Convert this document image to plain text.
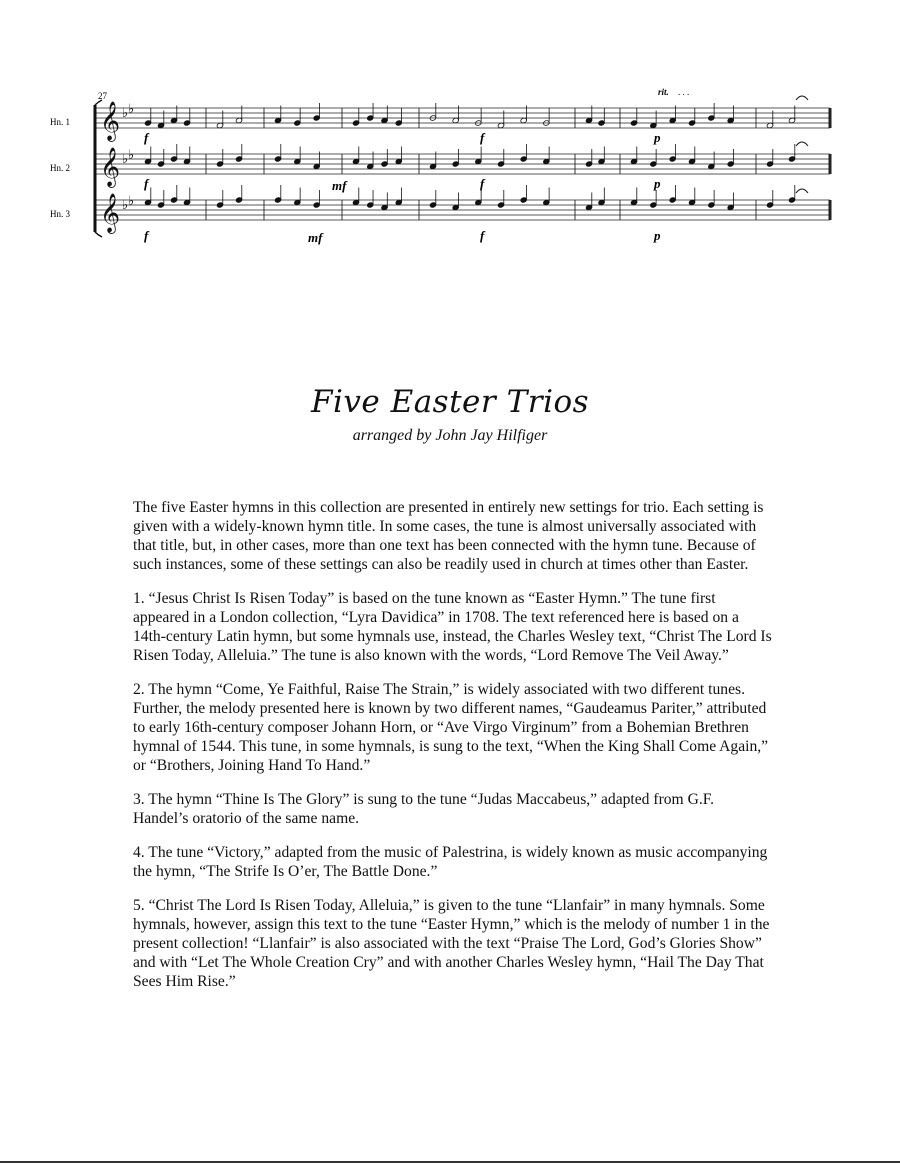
27
Hn. 1
Hn. 2
Hn. 3
rit. . . .
𝄞
𝄞
𝄞
♭ ♭
♭ ♭
♭ ♭
f
f
f
mf
mf
f
f
f
p
p
p
Five Easter Trios
arranged by John Jay Hilfiger

The five Easter hymns in this collection are presented in entirely new settings for trio. Each setting is given with a widely-known hymn title. In some cases, the tune is almost universally associated with that title, but, in other cases, more than one text has been connected with the hymn tune. Because of such instances, some of these settings can also be readily used in church at times other than Easter.

1. “Jesus Christ Is Risen Today” is based on the tune known as “Easter Hymn.” The tune first appeared in a London collection, “Lyra Davidica” in 1708. The text referenced here is based on a 14th-century Latin hymn, but some hymnals use, instead, the Charles Wesley text, “Christ The Lord Is Risen Today, Alleluia.” The tune is also known with the words, “Lord Remove The Veil Away.”

2. The hymn “Come, Ye Faithful, Raise The Strain,” is widely associated with two different tunes. Further, the melody presented here is known by two different names, “Gaudeamus Pariter,” attributed to early 16th-century composer Johann Horn, or “Ave Virgo Virginum” from a Bohemian Brethren hymnal of 1544. This tune, in some hymnals, is sung to the text, “When the King Shall Come Again,” or “Brothers, Joining Hand To Hand.”

3. The hymn “Thine Is The Glory” is sung to the tune “Judas Maccabeus,” adapted from G.F. Handel’s oratorio of the same name.

4. The tune “Victory,” adapted from the music of Palestrina, is widely known as music accompanying the hymn, “The Strife Is O’er, The Battle Done.”

5. “Christ The Lord Is Risen Today, Alleluia,” is given to the tune “Llanfair” in many hymnals. Some hymnals, however, assign this text to the tune “Easter Hymn,” which is the melody of number 1 in the present collection! “Llanfair” is also associated with the text “Praise The Lord, God’s Glories Show” and with “Let The Whole Creation Cry” and with another Charles Wesley hymn, “Hail The Day That Sees Him Rise.”
